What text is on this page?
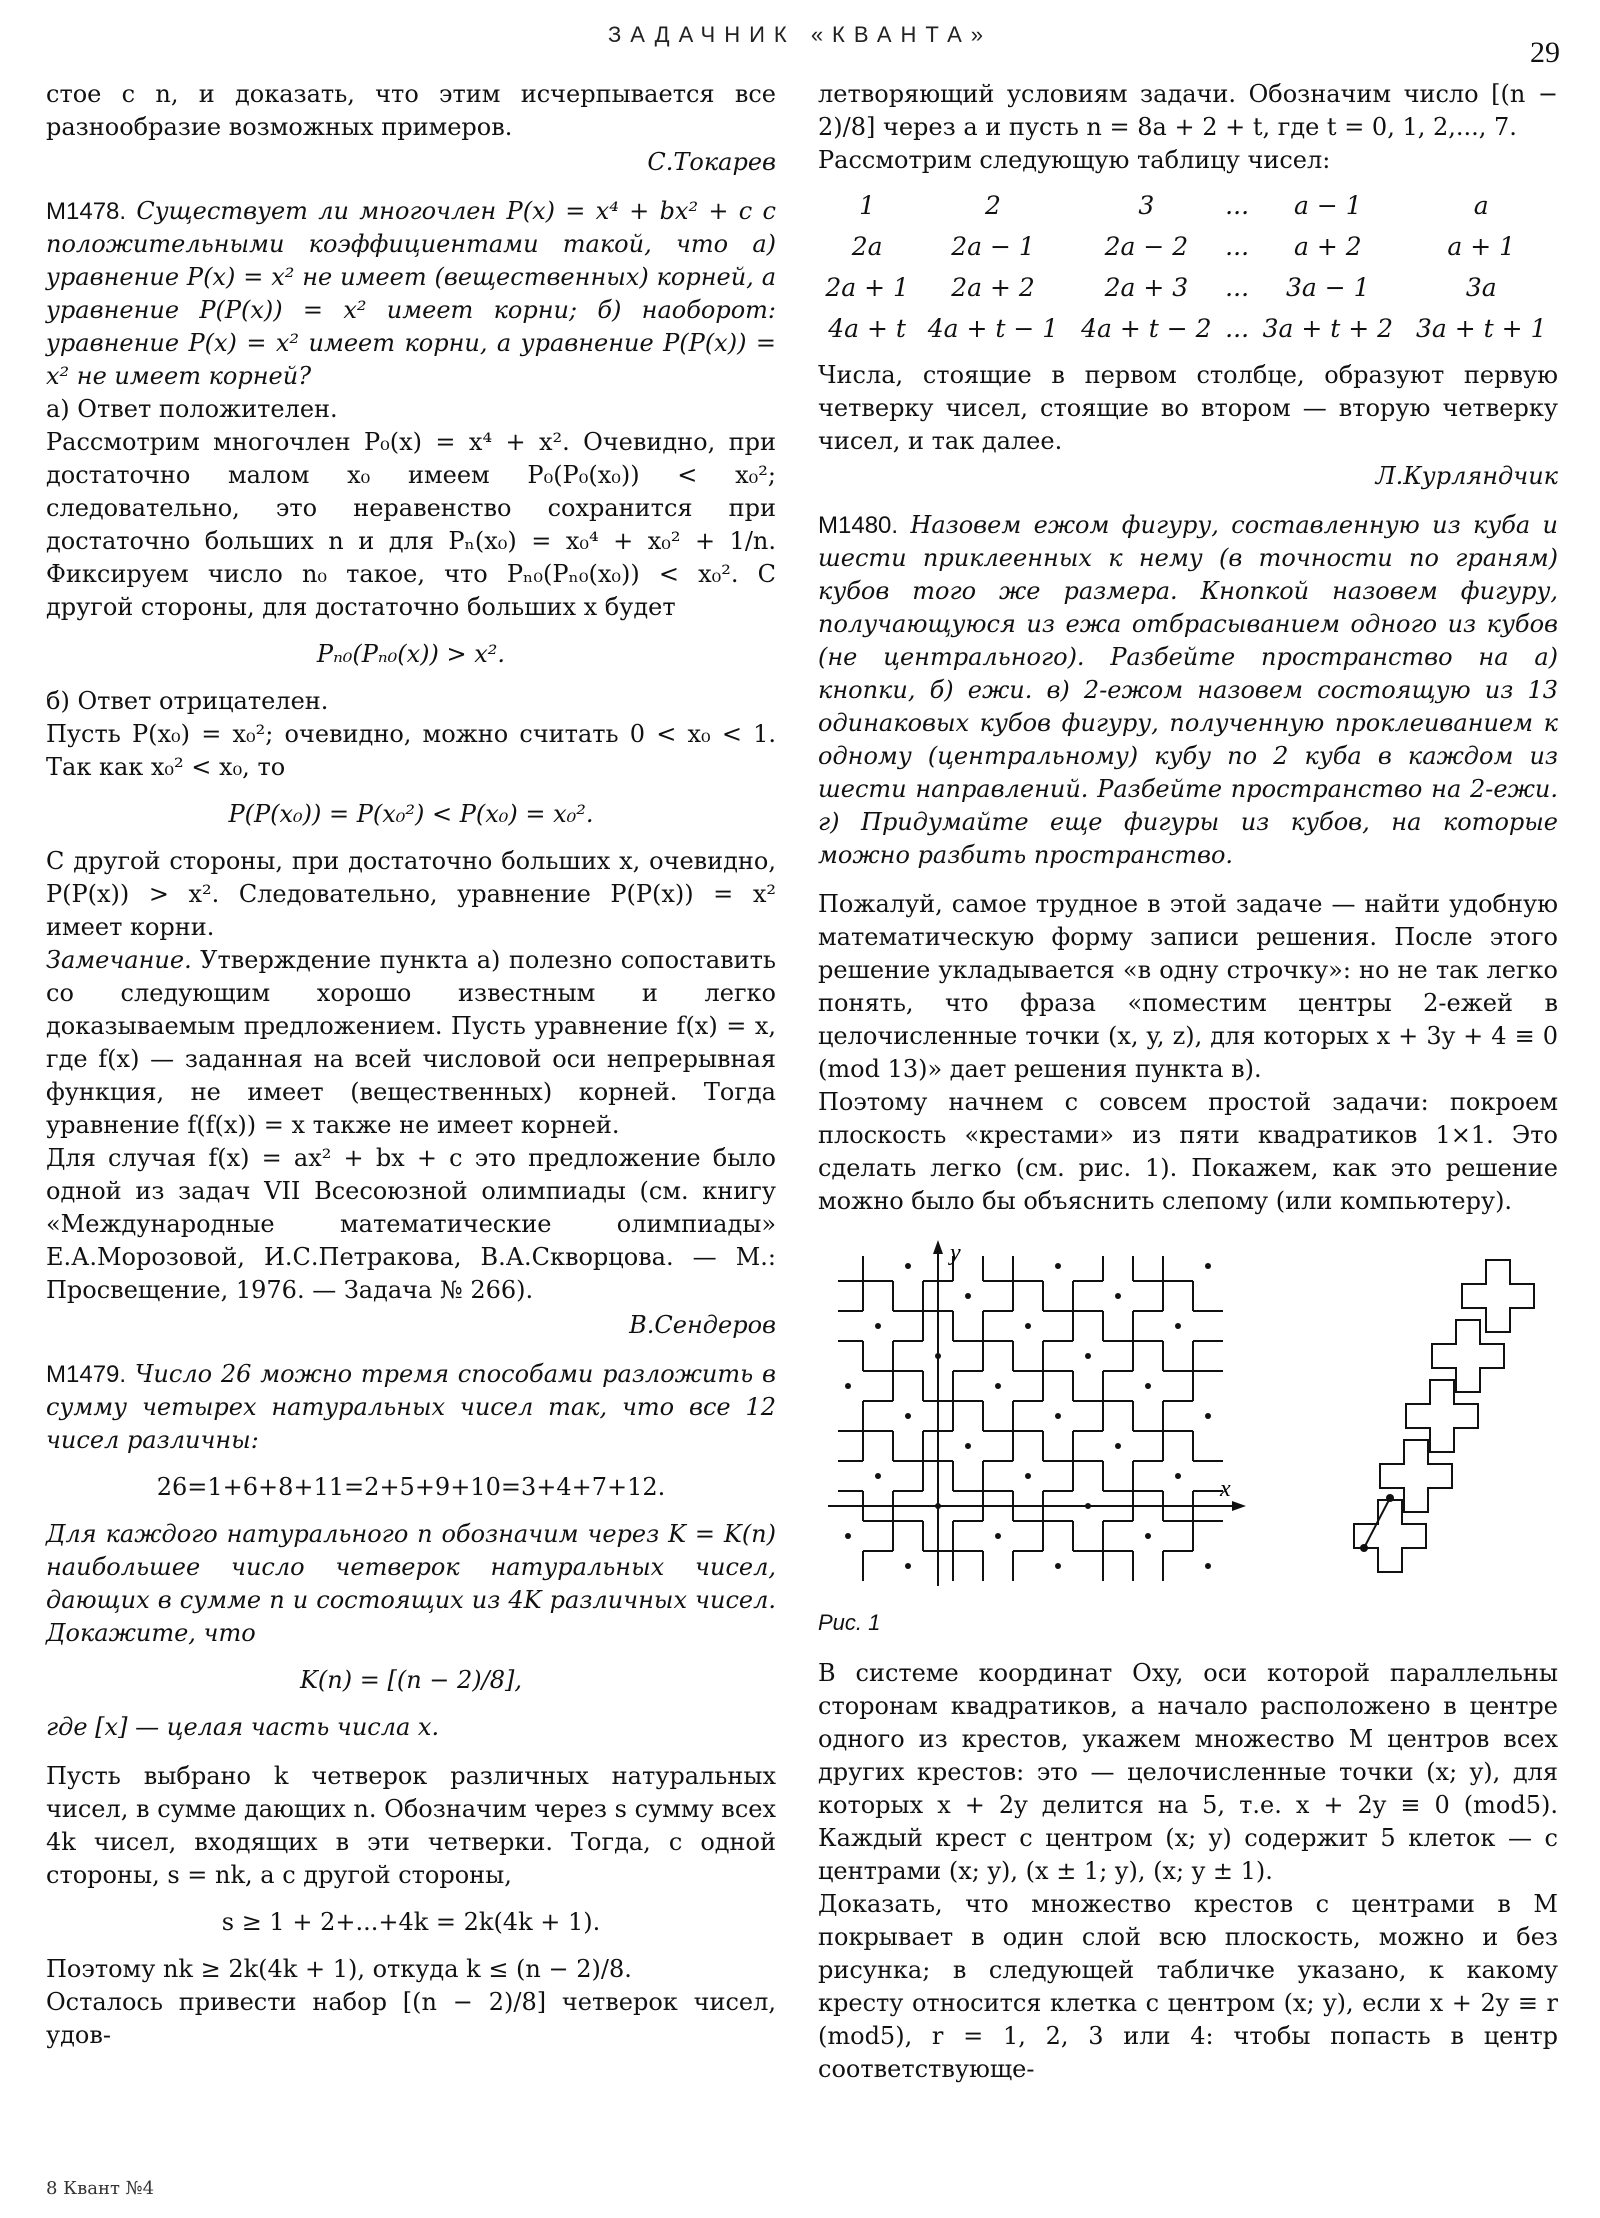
ЗАДАЧНИК «КВАНТА»
29

стое с n, и доказать, что этим исчерпывается все разнообразие возможных примеров.

С.Токарев

М1478. Существует ли многочлен P(x) = x⁴ + bx² + c с положительными коэффициентами такой, что а) уравнение P(x) = x² не имеет (вещественных) корней, а уравнение P(P(x)) = x² имеет корни; б) наоборот: уравнение P(x) = x² имеет корни, а уравнение P(P(x)) = x² не имеет корней?

а) Ответ положителен.

Рассмотрим многочлен P₀(x) = x⁴ + x². Очевидно, при достаточно малом x₀ имеем P₀(P₀(x₀)) < x₀²; следовательно, это неравенство сохранится при достаточно больших n и для Pₙ(x₀) = x₀⁴ + x₀² + 1/n. Фиксируем число n₀ такое, что Pₙ₀(Pₙ₀(x₀)) < x₀². С другой стороны, для достаточно больших x будет

Pₙ₀(Pₙ₀(x)) > x².

б) Ответ отрицателен.

Пусть P(x₀) = x₀²; очевидно, можно считать 0 < x₀ < 1. Так как x₀² < x₀, то

P(P(x₀)) = P(x₀²) < P(x₀) = x₀².

С другой стороны, при достаточно больших x, очевидно, P(P(x)) > x². Следовательно, уравнение P(P(x)) = x² имеет корни.

Замечание. Утверждение пункта а) полезно сопоставить со следующим хорошо известным и легко доказываемым предложением. Пусть уравнение f(x) = x, где f(x) — заданная на всей числовой оси непрерывная функция, не имеет (вещественных) корней. Тогда уравнение f(f(x)) = x также не имеет корней.

Для случая f(x) = ax² + bx + c это предложение было одной из задач VII Всесоюзной олимпиады (см. книгу «Международные математические олимпиады» Е.А.Морозовой, И.С.Петракова, В.А.Скворцова. — М.: Просвещение, 1976. — Задача № 266).

В.Сендеров

М1479. Число 26 можно тремя способами разложить в сумму четырех натуральных чисел так, что все 12 чисел различны:

26=1+6+8+11=2+5+9+10=3+4+7+12.

Для каждого натурального n обозначим через K = K(n) наибольшее число четверок натуральных чисел, дающих в сумме n и состоящих из 4K различных чисел. Докажите, что

K(n) = [(n − 2)/8],

где [x] — целая часть числа x.

Пусть выбрано k четверок различных натуральных чисел, в сумме дающих n. Обозначим через s сумму всех 4k чисел, входящих в эти четверки. Тогда, с одной стороны, s = nk, а с другой стороны,

s ≥ 1 + 2+...+4k = 2k(4k + 1).

Поэтому nk ≥ 2k(4k + 1), откуда k ≤ (n − 2)/8.

Осталось привести набор [(n − 2)/8] четверок чисел, удов-

летворяющий условиям задачи. Обозначим число [(n − 2)/8] через a и пусть n = 8a + 2 + t, где t = 0, 1, 2,..., 7.

Рассмотрим следующую таблицу чисел:

1	2	3	...	a − 1	a
2a	2a − 1	2a − 2	...	a + 2	a + 1
2a + 1	2a + 2	2a + 3	...	3a − 1	3a
4a + t	4a + t − 1	4a + t − 2	...	3a + t + 2	3a + t + 1

Числа, стоящие в первом столбце, образуют первую четверку чисел, стоящие во втором — вторую четверку чисел, и так далее.

Л.Курляндчик

М1480. Назовем ежом фигуру, составленную из куба и шести приклеенных к нему (в точности по граням) кубов того же размера. Кнопкой назовем фигуру, получающуюся из ежа отбрасыванием одного из кубов (не центрального). Разбейте пространство на а) кнопки, б) ежи. в) 2-ежом назовем состоящую из 13 одинаковых кубов фигуру, полученную проклеиванием к одному (центральному) кубу по 2 куба в каждом из шести направлений. Разбейте пространство на 2-ежи. г) Придумайте еще фигуры из кубов, на которые можно разбить пространство.

Пожалуй, самое трудное в этой задаче — найти удобную математическую форму записи решения. После этого решение укладывается «в одну строчку»: но не так легко понять, что фраза «поместим центры 2-ежей в целочисленные точки (x, y, z), для которых x + 3y + 4 ≡ 0 (mod 13)» дает решения пункта в).

Поэтому начнем с совсем простой задачи: покроем плоскость «крестами» из пяти квадратиков 1×1. Это сделать легко (см. рис. 1). Покажем, как это решение можно было бы объяснить слепому (или компьютеру).

y
x
Рис. 1

В системе координат Oxy, оси которой параллельны сторонам квадратиков, а начало расположено в центре одного из крестов, укажем множество M центров всех других крестов: это — целочисленные точки (x; y), для которых x + 2y делится на 5, т.е. x + 2y ≡ 0 (mod5). Каждый крест с центром (x; y) содержит 5 клеток — с центрами (x; y), (x ± 1; y), (x; y ± 1).

Доказать, что множество крестов с центрами в M покрывает в один слой всю плоскость, можно и без рисунка; в следующей табличке указано, к какому кресту относится клетка с центром (x; y), если x + 2y ≡ r (mod5), r = 1, 2, 3 или 4: чтобы попасть в центр соответствующе-

8 Квант №4
